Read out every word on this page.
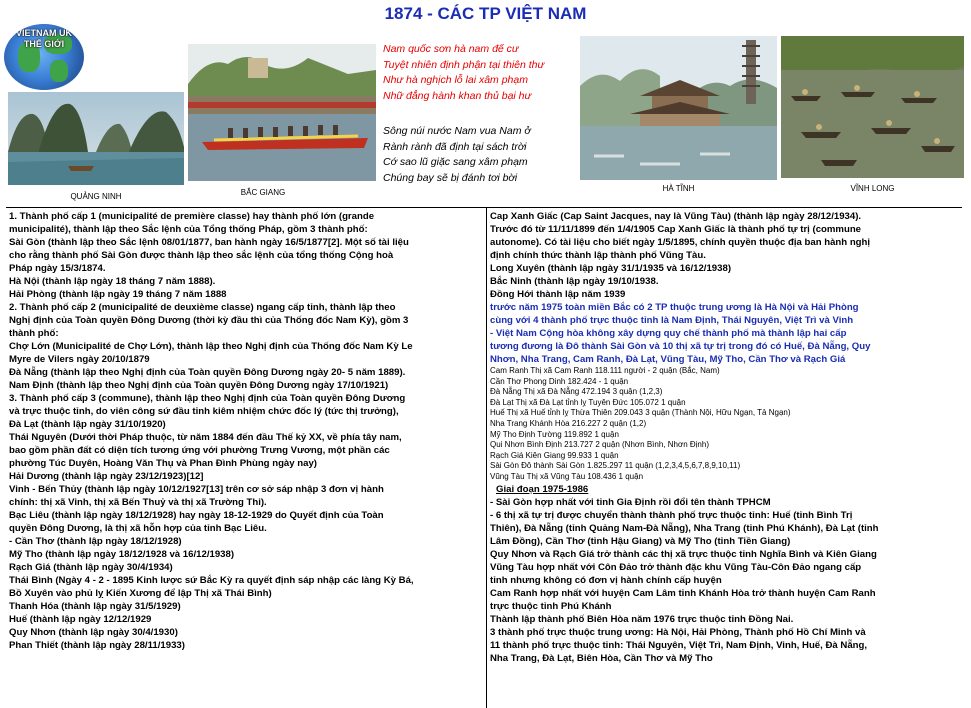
1874 - CÁC TP VIỆT NAM
VIETNAM UK
THẾ GIỚI
QUẢNG NINH	BẮC GIANG
Nam quốc sơn hà nam đế cư
Tuyệt nhiên định phận tại thiên thư
Như hà nghịch lỗ lai xâm phạm
Nhữ đẳng hành khan thủ bại hư
Sông núi nước Nam vua Nam ở
Rành rành đã định tại sách trời
Cớ sao lũ giặc sang xâm phạm
Chúng bay sẽ bị đánh tơi bời
HÀ TĨNH	VĨNH LONG
1. Thành phố cấp 1 (municipalité de première classe) hay thành phố lớn (grande
municipalité), thành lập theo Sắc lệnh của Tổng thống Pháp, gồm 3 thành phố:
Sài Gòn (thành lập theo Sắc lệnh 08/01/1877, ban hành ngày 16/5/1877[2]. Một số tài liệu
cho rằng thành phố Sài Gòn được thành lập theo sắc lệnh của tổng thống Cộng hoà
Pháp ngày 15/3/1874.
Hà Nội (thành lập ngày 18 tháng 7 năm 1888).
Hải Phòng (thành lập ngày 19 tháng 7 năm 1888
2. Thành phố cấp 2 (municipalité de deuxième classe) ngang cấp tỉnh, thành lập theo
Nghị định của Toàn quyền Đông Dương (thời kỳ đầu thì của Thống đốc Nam Kỳ), gồm 3
thành phố:
Chợ Lớn (Municipalité de Chợ Lớn), thành lập theo Nghị định của Thống đốc Nam Kỳ Le
Myre de Vilers ngày 20/10/1879
Đà Nẵng (thành lập theo Nghị định của Toàn quyền Đông Dương ngày 20- 5 năm 1889).
Nam Định (thành lập theo Nghị định của Toàn quyền Đông Dương ngày 17/10/1921)
3. Thành phố cấp 3 (commune), thành lập theo Nghị định của Toàn quyền Đông Dương
và trực thuộc tỉnh, do viên công sứ đầu tỉnh kiêm nhiệm chức đốc lý (tức thị trưởng),
Đà Lạt (thành lập ngày 31/10/1920)
Thái Nguyên (Dưới thời Pháp thuộc, từ năm 1884 đến đầu Thế kỷ XX, về phía tây nam,
bao gồm phần đất có diện tích tương ứng với phường Trưng Vương, một phần các
phường Túc Duyên, Hoàng Văn Thụ và Phan Đình Phùng ngày nay)
Hải Dương (thành lập ngày 23/12/1923)[12]
Vinh - Bến Thủy (thành lập ngày 10/12/1927[13] trên cơ sở sáp nhập 3 đơn vị hành
chính: thị xã Vinh, thị xã Bến Thuỷ và thị xã Trường Thi).
Bạc Liêu (thành lập ngày 18/12/1928) hay ngày 18-12-1929 do Quyết định của Toàn
quyền Đông Dương, là thị xã hỗn hợp của tỉnh Bạc Liêu.
- Cần Thơ (thành lập ngày 18/12/1928)
Mỹ Tho (thành lập ngày 18/12/1928 và 16/12/1938)
Rạch Giá (thành lập ngày 30/4/1934)
Thái Bình (Ngày 4 - 2 - 1895 Kinh lược sứ Bắc Kỳ ra quyết định sáp nhập các làng Kỳ Bá,
Bồ Xuyên vào phủ lỵ Kiến Xương để lập Thị xã Thái Bình)
Thanh Hóa (thành lập ngày 31/5/1929)
Huế (thành lập ngày 12/12/1929
Quy Nhơn (thành lập ngày 30/4/1930)
Phan Thiết (thành lập ngày 28/11/1933)
Cap Xanh Giấc (Cap Saint Jacques, nay là Vũng Tàu) (thành lập ngày 28/12/1934).
Trước đó từ 11/11/1899 đến 1/4/1905 Cap Xanh Giấc là thành phố tự trị (commune
autonome). Có tài liệu cho biết ngày 1/5/1895, chính quyền thuộc địa ban hành nghị
định chính thức thành lập thành phố Vũng Tàu.
Long Xuyên (thành lập ngày 31/1/1935 và 16/12/1938)
Bắc Ninh (thành lập ngày 19/10/1938.
Đồng Hới thành lập năm 1939
trước năm 1975 toàn miền Bắc có 2 TP thuộc trung ương là Hà Nội và Hải Phòng
cùng với 4 thành phố trực thuộc tỉnh là Nam Định, Thái Nguyên, Việt Trì và Vinh
- Việt Nam Cộng hòa không xây dựng quy chế thành phố mà thành lập hai cấp
tương đương là Đô thành Sài Gòn và 10 thị xã tự trị trong đó có Huế, Đà Nẵng, Quy
Nhơn, Nha Trang, Cam Ranh, Đà Lạt, Vũng Tàu, Mỹ Tho, Cần Thơ và Rạch Giá
Cam Ranh Thị xã Cam Ranh 118.111 người - 2 quận (Bắc, Nam)
Cần Thơ Phong Dinh 182.424 - 1 quận
Đà Nẵng Thị xã Đà Nẵng 472.194 3 quận (1,2,3)
Đà Lạt Thị xã Đà Lạt tỉnh lỵ Tuyên Đức 105.072 1 quận
Huế Thị xã Huế tỉnh lỵ Thừa Thiên 209.043 3 quận (Thành Nội, Hữu Ngạn, Tả Ngạn)
Nha Trang Khánh Hòa 216.227 2 quận (1,2)
Mỹ Tho Định Tường 119.892 1 quận
Qui Nhơn Bình Định 213.727 2 quận (Nhơn Bình, Nhơn Định)
Rạch Giá Kiên Giang 99.933 1 quận
Sài Gòn Đô thành Sài Gòn 1.825.297 11 quận (1,2,3,4,5,6,7,8,9,10,11)
Vũng Tàu Thị xã Vũng Tàu 108.436 1 quận
Giai đoạn 1975-1986
- Sài Gòn hợp nhất với tỉnh Gia Định rồi đổi tên thành TPHCM
- 6 thị xã tự trị được chuyển thành thành phố trực thuộc tỉnh: Huế (tỉnh Bình Trị
Thiên), Đà Nẵng (tỉnh Quảng Nam-Đà Nẵng), Nha Trang (tỉnh Phú Khánh), Đà Lạt (tỉnh
Lâm Đồng), Cần Thơ (tỉnh Hậu Giang) và Mỹ Tho (tỉnh Tiền Giang)
Quy Nhơn và Rạch Giá trở thành các thị xã trực thuộc tỉnh Nghĩa Bình và Kiên Giang
Vũng Tàu hợp nhất với Côn Đảo trở thành đặc khu Vũng Tàu-Côn Đảo ngang cấp
tỉnh nhưng không có đơn vị hành chính cấp huyện
Cam Ranh hợp nhất với huyện Cam Lâm tỉnh Khánh Hòa trở thành huyện Cam Ranh
trực thuộc tỉnh Phú Khánh
Thành lập thành phố Biên Hòa năm 1976 trực thuộc tỉnh Đồng Nai.
3 thành phố trực thuộc trung ương: Hà Nội, Hải Phòng, Thành phố Hồ Chí Minh và
11 thành phố trực thuộc tỉnh: Thái Nguyên, Việt Trì, Nam Định, Vinh, Huế, Đà Nẵng,
Nha Trang, Đà Lạt, Biên Hòa, Cần Thơ và Mỹ Tho
